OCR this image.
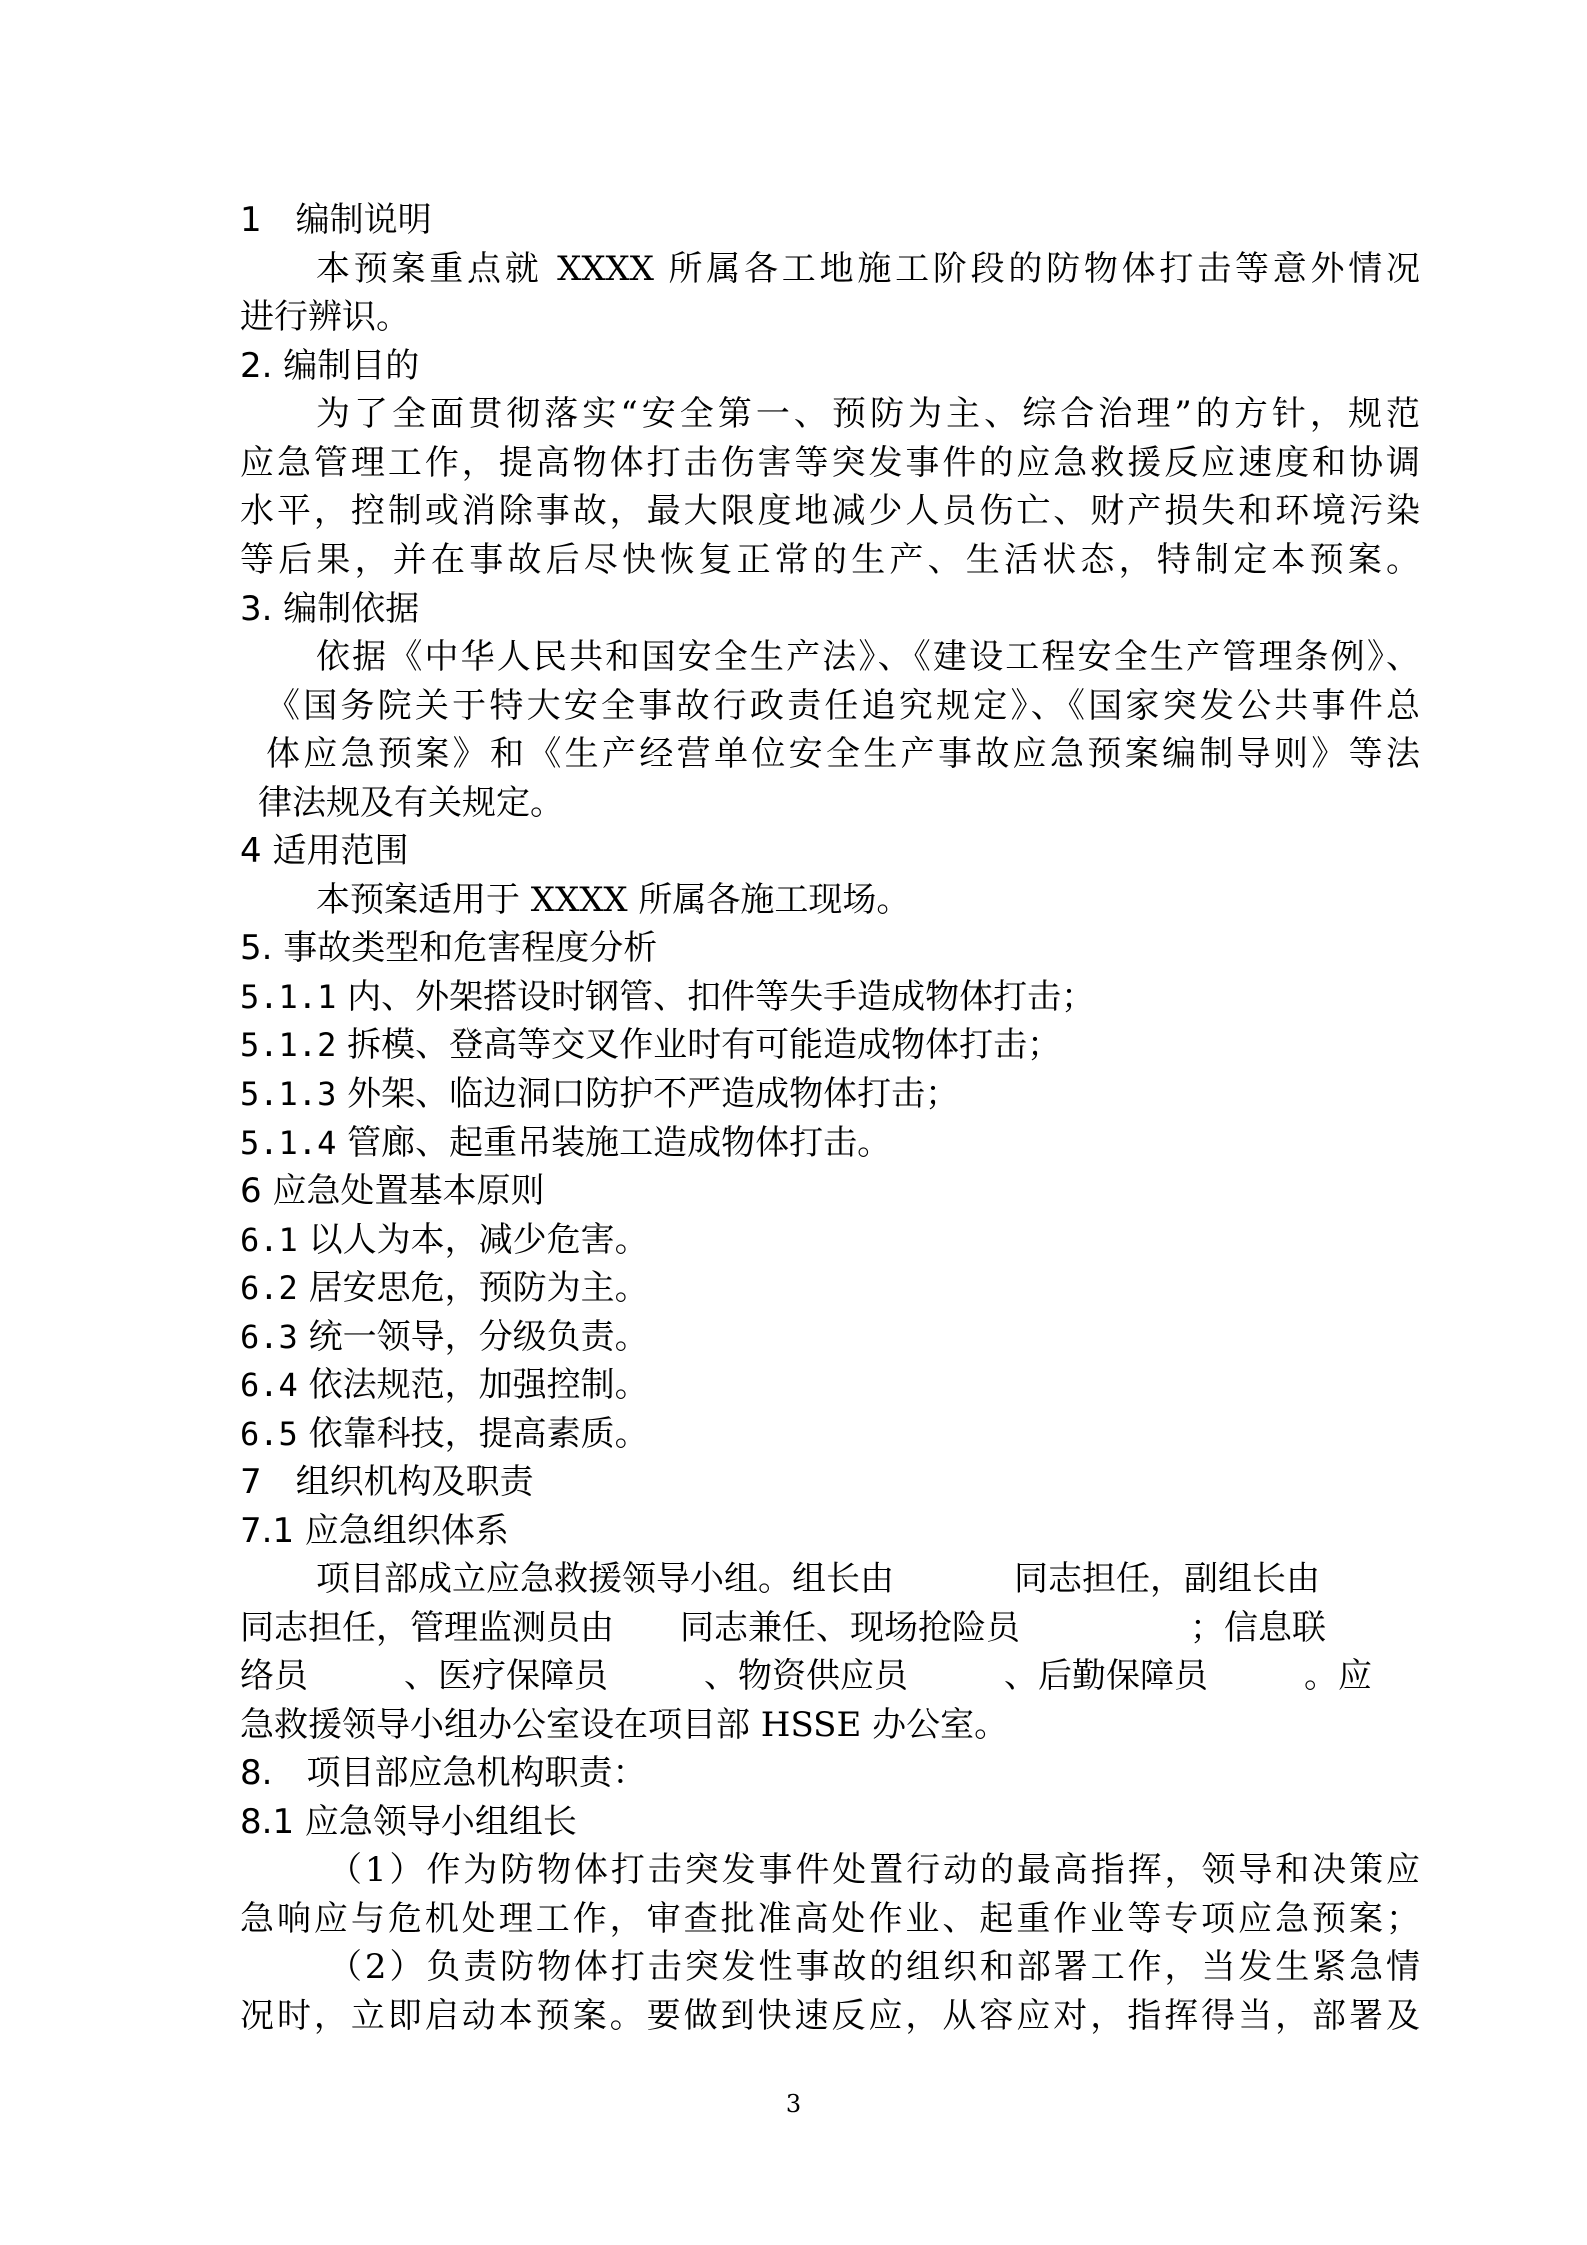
1　编制说明
本预案重点就 XXXX 所属各工地施工阶段的防物体打击等意外情况
进行辨识。
2. 编制目的
为了全面贯彻落实“安全第一、预防为主、综合治理”的方针，规范
应急管理工作，提高物体打击伤害等突发事件的应急救援反应速度和协调
水平，控制或消除事故，最大限度地减少人员伤亡、财产损失和环境污染
等后果，并在事故后尽快恢复正常的生产、生活状态，特制定本预案。
3. 编制依据
依据《中华人民共和国安全生产法》、《建设工程安全生产管理条例》、
《国务院关于特大安全事故行政责任追究规定》、《国家突发公共事件总
体应急预案》和《生产经营单位安全生产事故应急预案编制导则》等法
律法规及有关规定。
4 适用范围
本预案适用于 XXXX 所属各施工现场。
5. 事故类型和危害程度分析
5.1.1 内、外架搭设时钢管、扣件等失手造成物体打击；
5.1.2 拆模、登高等交叉作业时有可能造成物体打击；
5.1.3 外架、临边洞口防护不严造成物体打击；
5.1.4 管廊、起重吊装施工造成物体打击。
6 应急处置基本原则
6.1 以人为本，减少危害。
6.2 居安思危，预防为主。
6.3 统一领导，分级负责。
6.4 依法规范，加强控制。
6.5 依靠科技，提高素质。
7　组织机构及职责
7.1 应急组织体系
项目部成立应急救援领导小组。组长由	同志担任，副组长由
同志担任，管理监测员由 同志兼任、现场抢险员	；信息联
络员	、医疗保障员	、物资供应员	、后勤保障员	。应
急救援领导小组办公室设在项目部 HSSE 办公室。
8.　项目部应急机构职责：
8.1 应急领导小组组长
（1）作为防物体打击突发事件处置行动的最高指挥，领导和决策应
急响应与危机处理工作，审查批准高处作业、起重作业等专项应急预案；
（2）负责防物体打击突发性事故的组织和部署工作，当发生紧急情
况时，立即启动本预案。要做到快速反应，从容应对，指挥得当，部署及
3
